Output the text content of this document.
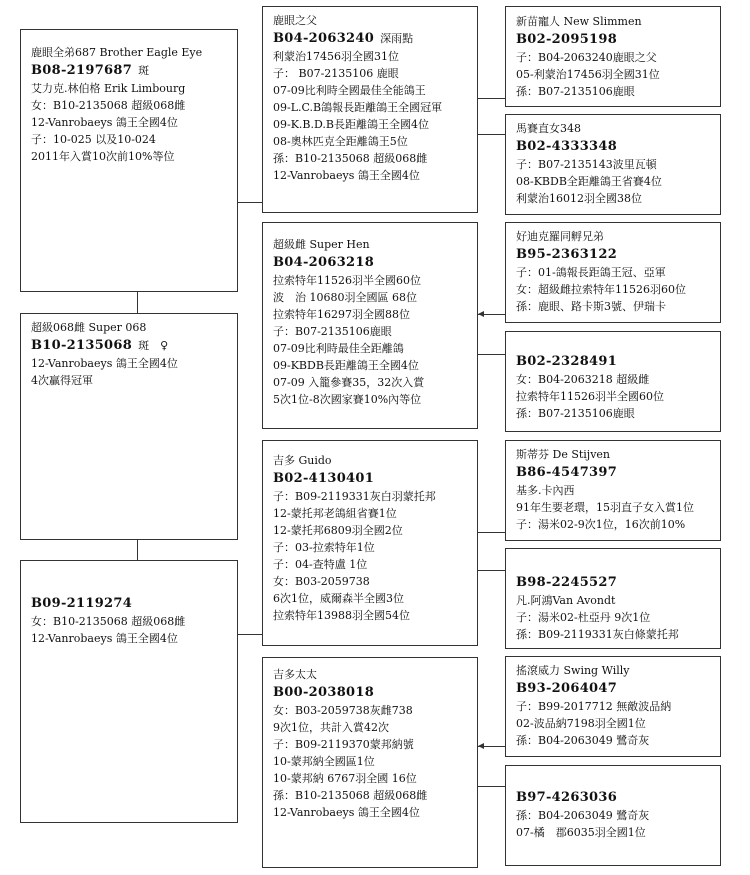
鹿眼全弟687 Brother Eagle Eye
B08-2197687 斑
艾力克.林伯格 Erik Limbourg
女：B10-2135068 超級068雌
12-Vanrobaeys 鴿王全國4位
子：10-025 以及10-024
2011年入賞10次前10%等位
超級068雌 Super 068
B10-2135068 斑　♀
12-Vanrobaeys 鴿王全國4位
4次贏得冠軍
B09-2119274
女：B10-2135068 超級068雌
12-Vanrobaeys 鴿王全國4位
鹿眼之父
B04-2063240 深雨點
利蒙治17456羽全國31位
子： B07-2135106 鹿眼
07-09比利時全國最佳全能鴿王
09-L.C.B鴿報長距離鴿王全國冠軍
09-K.B.D.B長距離鴿王全國4位
08-奧林匹克全距離鴿王5位
孫：B10-2135068 超級068雌
12-Vanrobaeys 鴿王全國4位
超級雌 Super Hen
B04-2063218
拉索特年11526羽半全國60位
波　治 10680羽全國區 68位
拉索特年16297羽全國88位
子：B07-2135106鹿眼
07-09比利時最佳全距離鴿
09-KBDB長距離鴿王全國4位
07-09 入籠參賽35，32次入賞
5次1位-8次國家賽10%內等位
吉多 Guido
B02-4130401
子：B09-2119331灰白羽蒙托邦
12-蒙托邦老鴿組省賽1位
12-蒙托邦6809羽全國2位
子：03-拉索特年1位
子：04-查特盧 1位
女：B03-2059738
6次1位，威爾森半全國3位
拉索特年13988羽全國54位
吉多太太
B00-2038018
女：B03-2059738灰雌738
9次1位，共計入賞42次
子：B09-2119370蒙邦納號
10-蒙邦納全國區1位
10-蒙邦納 6767羽全國 16位
孫：B10-2135068 超級068雌
12-Vanrobaeys 鴿王全國4位
新苗寵人 New Slimmen
B02-2095198
子：B04-2063240鹿眼之父
05-利蒙治17456羽全國31位
孫：B07-2135106鹿眼
馬賽直女348
B02-4333348
子：B07-2135143波里瓦頓
08-KBDB全距離鴿王省賽4位
利蒙治16012羽全國38位
好迪克羅同孵兄弟
B95-2363122
子：01-鴿報長距鴿王冠、亞軍
女：超級雌拉索特年11526羽60位
孫：鹿眼、路卡斯3號、伊瑞卡
B02-2328491
女：B04-2063218 超級雌
拉索特年11526羽半全國60位
孫：B07-2135106鹿眼
斯蒂芬 De Stijven
B86-4547397
基多.卡內西
91年生要老環，15羽直子女入賞1位
子：湯米02-9次1位，16次前10%
B98-2245527
凡.阿鴻Van Avondt
子：湯米02-杜亞丹 9次1位
孫：B09-2119331灰白條蒙托邦
搖滾威力 Swing Willy
B93-2064047
子：B99-2017712 無敵波品納
02-波品納7198羽全國1位
孫：B04-2063049 鷺奇灰
B97-4263036
孫：B04-2063049 鷺奇灰
07-橘　郡6035羽全國1位
